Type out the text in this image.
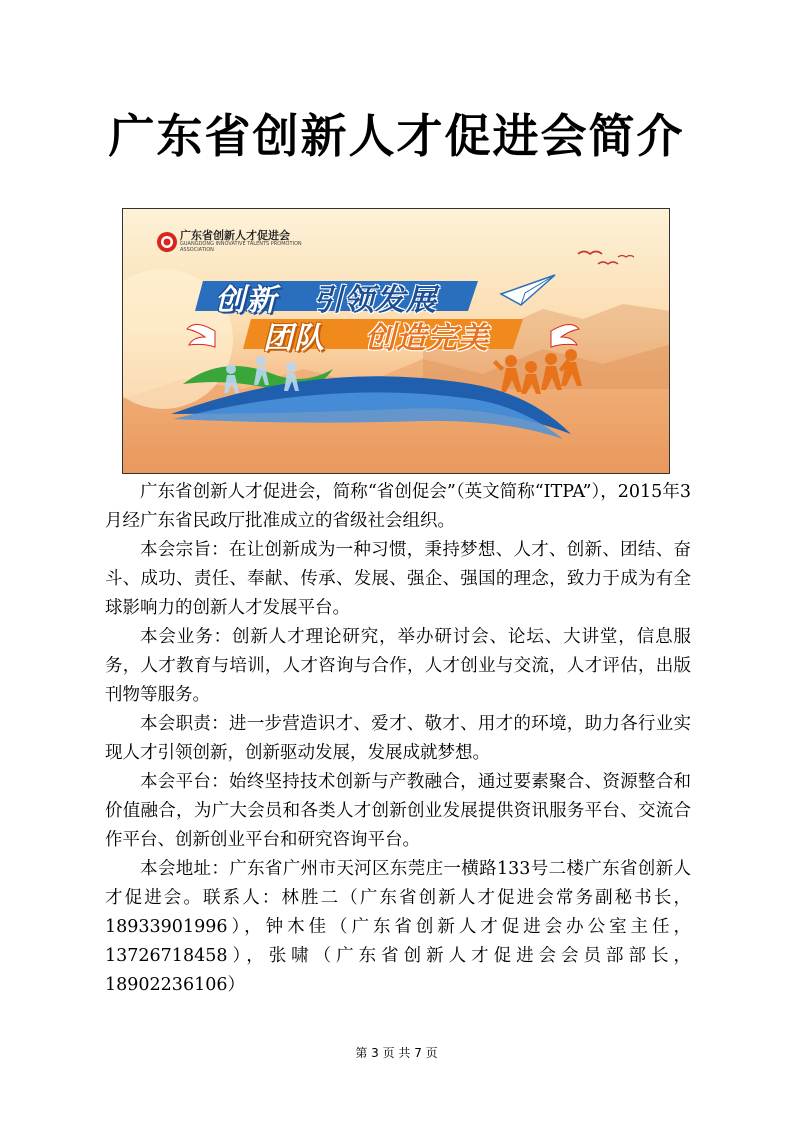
广东省创新人才促进会简介
广东省创新人才促进会
GUANGDONG INNOVATIVE TALENTS PROMOTION ASSOCIATION
创新 引领发展
团队 创造完美

广东省创新人才促进会，简称“省创促会”（英文简称“ITPA”），2015年3月经广东省民政厅批准成立的省级社会组织。

本会宗旨：在让创新成为一种习惯，秉持梦想、人才、创新、团结、奋斗、成功、责任、奉献、传承、发展、强企、强国的理念，致力于成为有全球影响力的创新人才发展平台。

本会业务：创新人才理论研究，举办研讨会、论坛、大讲堂，信息服务，人才教育与培训，人才咨询与合作，人才创业与交流，人才评估，出版刊物等服务。

本会职责：进一步营造识才、爱才、敬才、用才的环境，助力各行业实现人才引领创新，创新驱动发展，发展成就梦想。

本会平台：始终坚持技术创新与产教融合，通过要素聚合、资源整合和价值融合，为广大会员和各类人才创新创业发展提供资讯服务平台、交流合作平台、创新创业平台和研究咨询平台。

本会地址：广东省广州市天河区东莞庄一横路133号二楼广东省创新人才促进会。联系人：林胜二（广东省创新人才促进会常务副秘书长，18933901996），钟木佳（广东省创新人才促进会办公室主任，13726718458），张啸（广东省创新人才促进会会员部部长，18902236106）

第 3 页 共 7 页
